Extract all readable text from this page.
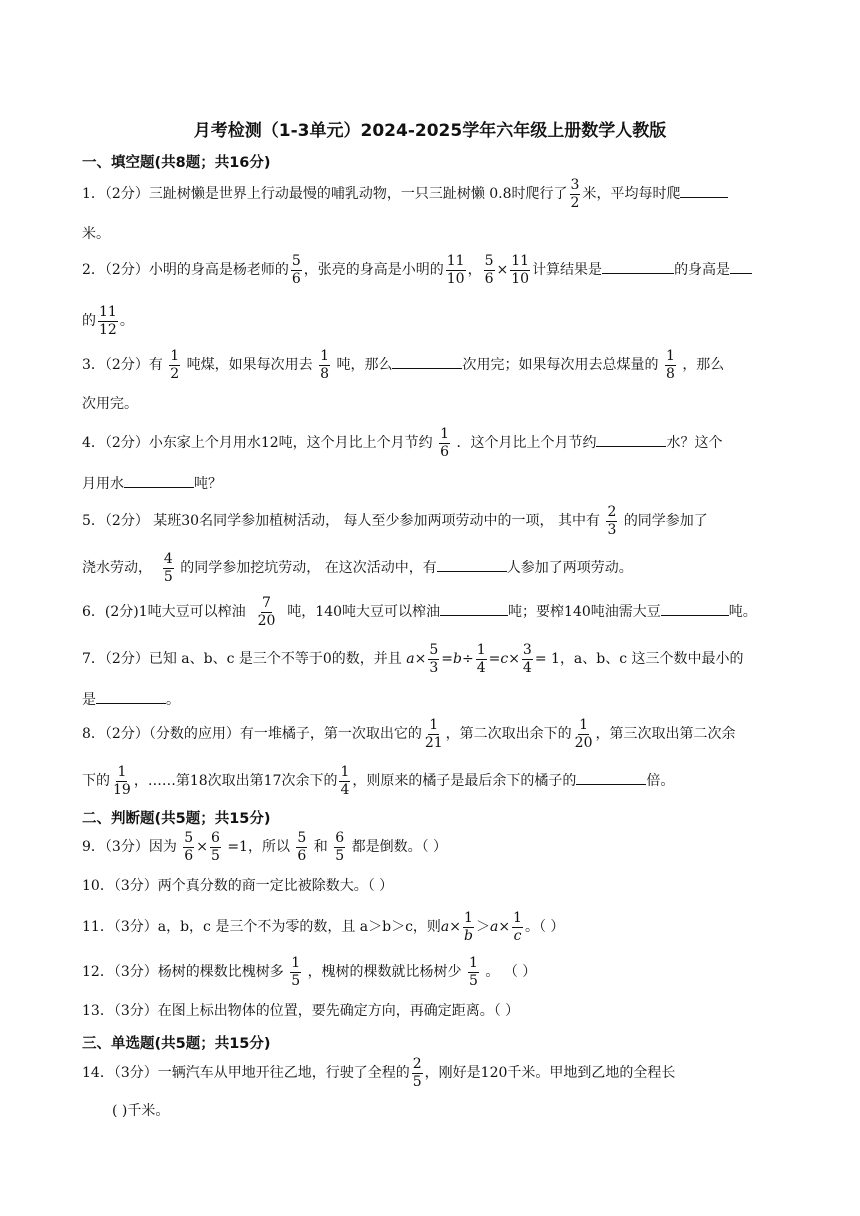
月考检测（1-3单元）2024-2025学年六年级上册数学人教版
一、填空题(共8题；共16分)
1．（2分）三趾树懒是世界上行动最慢的哺乳动物，一只三趾树懒 0.8时爬行了 $\frac{3}{2}$ 米，平均每时爬
米。
2．（2分）小明的身高是杨老师的 $\frac{5}{6}$ ，张亮的身高是小明的 $\frac{11}{10}$ ， $\frac{5}{6} \times \frac{11}{10}$ 计算结果是	的身高是
的 $\frac{11}{12}$ 。
3．（2分）有 $\frac{1}{2}$ 吨煤，如果每次用去 $\frac{1}{8}$ 吨，那么	次用完；如果每次用去总煤量的 $\frac{1}{8}$ ，那么
次用完。
4．（2分）小东家上个月用水12吨，这个月比上个月节约 $\frac{1}{6}$ ．这个月比上个月节约	水？这个
月用水	吨？
5．（2分） 某班30名同学参加植树活动， 每人至少参加两项劳动中的一项， 其中有 $\frac{2}{3}$ 的同学参加了
浇水劳动， $\frac{4}{5}$ 的同学参加挖坑劳动， 在这次活动中，有	人参加了两项劳动。
6．(2分)1吨大豆可以榨油 $\frac{7}{20}$ 吨，140吨大豆可以榨油	吨；要榨140吨油需大豆	吨。
7．（2分）已知 a、b、c 是三个不等于0的数，并且 $a\times \frac{5}{3} =b\div \frac{1}{4} =c\times \frac{3}{4} = 1$，a、b、c 这三个数中最小的
是	。
8．（2分）（分数的应用）有一堆橘子，第一次取出它的 $\frac{1}{21}$ ，第二次取出余下的 $\frac{1}{20}$ ，第三次取出第二次余
下的 $\frac{1}{19}$ ，……第18次取出第17次余下的 $\frac{1}{4}$ ，则原来的橘子是最后余下的橘子的	倍。
二、判断题(共5题；共15分)
9．（3分）因为 $\frac{5}{6} \times \frac{6}{5} =1$，所以 $\frac{5}{6}$ 和 $\frac{6}{5}$ 都是倒数。（ ）
10．（3分）两个真分数的商一定比被除数大。（ ）
11．（3分）a，b，c 是三个不为零的数，且 a＞b＞c，则$a\times \frac{1}{b} >a\times \frac{1}{c}$ 。（ ）
12．（3分）杨树的棵数比槐树多 $\frac{1}{5}$ ，槐树的棵数就比杨树少 $\frac{1}{5}$ 。 （ ）
13．（3分）在图上标出物体的位置，要先确定方向，再确定距离。（ ）
三、单选题(共5题；共15分)
14．（3分）一辆汽车从甲地开往乙地，行驶了全程的 $\frac{2}{5}$ ，刚好是120千米。甲地到乙地的全程长
( )千米。
